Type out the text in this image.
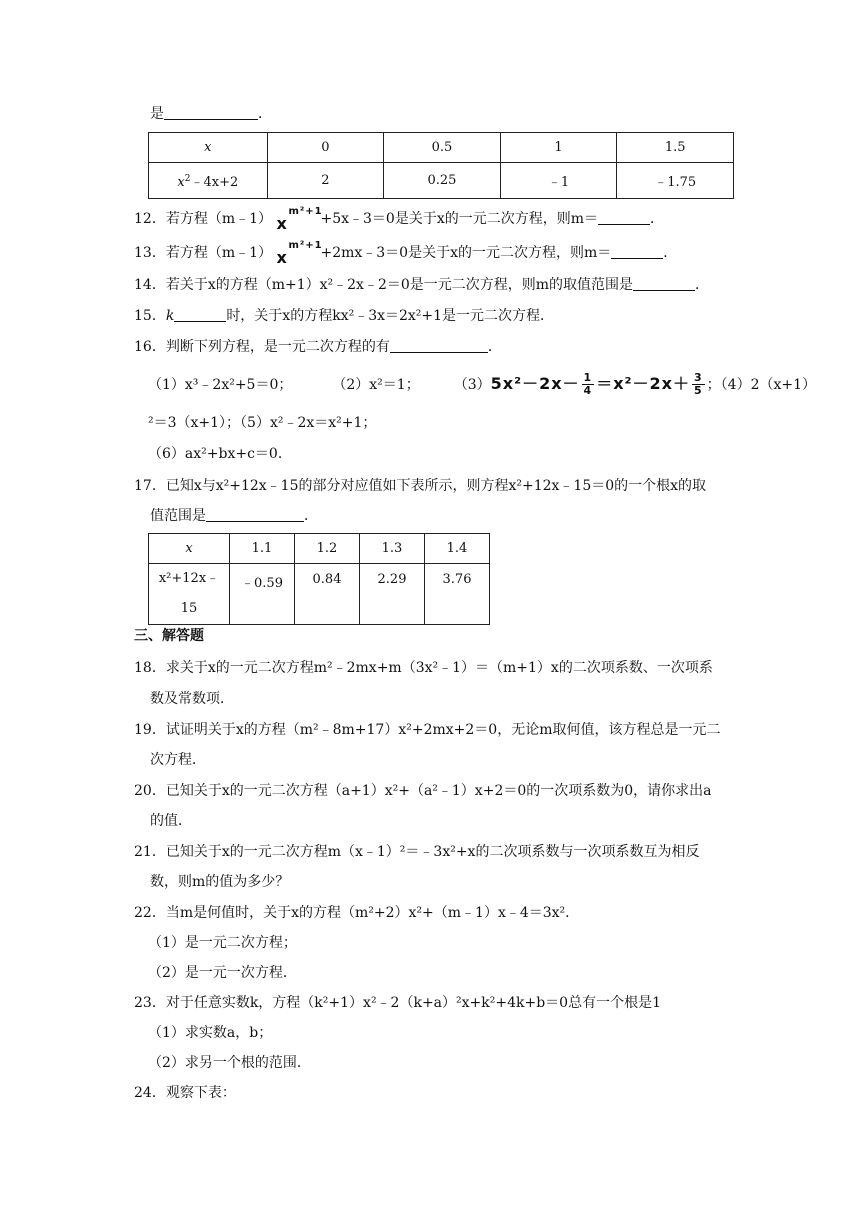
是	．
x	0	0.5	1	1.5
$x^2﹣4x+2$	2	0.25	﹣1	﹣1.75
12．若方程（m﹣1） x
m²+1
+5x﹣3＝0是关于x的一元二次方程，则m＝	．
13．若方程（m﹣1） x
m²+1
+2mx﹣3＝0是关于x的一元二次方程，则m＝	．
14．若关于x的方程（m+1）x²﹣2x﹣2＝0是一元二次方程，则m的取值范围是	．
15．k	时，关于x的方程kx²﹣3x＝2x²+1是一元二次方程．
16．判断下列方程，是一元二次方程的有	．
（1）x³﹣2x²+5＝0；	（2）x²＝1； $(3)5x^2-2x- \frac{1}{4} =x^2-2x+ \frac{3}{5}$ ；（4）2（x+1）
²＝3（x+1）；（5）x²﹣2x＝x²+1；
（6）ax²+bx+c＝0．
17．已知x与x²+12x﹣15的部分对应值如下表所示，则方程x²+12x﹣15＝0的一个根x的取
值范围是	．
x	1.1	1.2	1.3	1.4

x²+12x﹣
15	﹣0.59	0.84	2.29	3.76
三、解答题
18．求关于x的一元二次方程m²﹣2mx+m（3x²﹣1）＝（m+1）x的二次项系数、一次项系
数及常数项．
19．试证明关于x的方程（m²﹣8m+17）x²+2mx+2＝0，无论m取何值，该方程总是一元二
次方程．
20．已知关于x的一元二次方程（a+1）x²+（a²﹣1）x+2＝0的一次项系数为0，请你求出a
的值．
21．已知关于x的一元二次方程m（x﹣1）²＝﹣3x²+x的二次项系数与一次项系数互为相反
数，则m的值为多少？
22．当m是何值时，关于x的方程（m²+2）x²+（m﹣1）x﹣4＝3x²．
（1）是一元二次方程；
（2）是一元一次方程．
23．对于任意实数k，方程（k²+1）x²﹣2（k+a）²x+k²+4k+b＝0总有一个根是1
（1）求实数a，b；
（2）求另一个根的范围．
24．观察下表：
